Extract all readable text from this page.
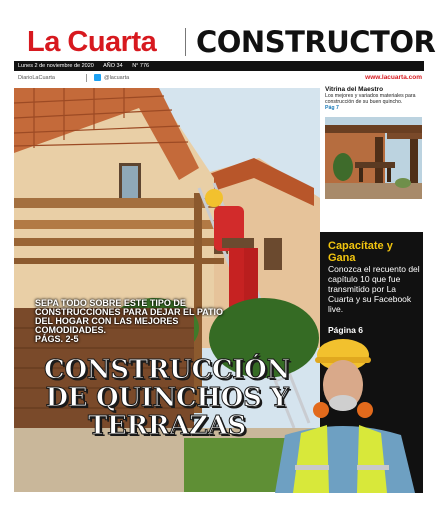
La Cuarta CONSTRUCTOR
Lunes 2 de noviembre de 2020 AÑO 34 N° 776
DiarioLaCuarta	@lacuarta	www.lacuarta.com
Vitrina del Maestro
Los mejores y variados materiales para construcción de su buen quincho.
Pág 7
Capacítate y Gana
Conozca el recuento del capítulo 10 que fue transmitido por La Cuarta y su Facebook live.
Página 6
SEPA TODO SOBRE ESTE TIPO DE CONSTRUCCIONES PARA DEJAR EL PATIO DEL HOGAR CON LAS MEJORES COMODIDADES.
PÁGS. 2-5
CONSTRUCCIÓN
DE QUINCHOS Y
TERRAZAS
